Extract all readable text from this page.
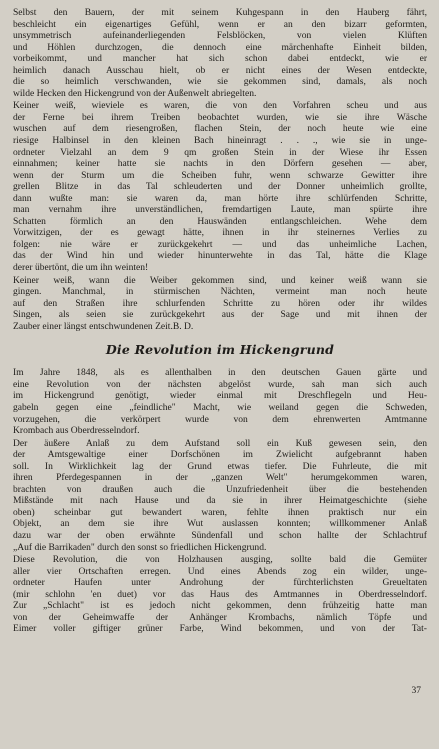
Selbst den Bauern, der mit seinem Kuhgespann in den Hauberg fährt,
beschleicht ein eigenartiges Gefühl, wenn er an den bizarr geformten,
unsymmetrisch aufeinanderliegenden Felsblöcken, von vielen Klüften
und Höhlen durchzogen, die dennoch eine märchenhafte Einheit bilden,
vorbeikommt, und mancher hat sich schon dabei entdeckt, wie er
heimlich danach Ausschau hielt, ob er nicht eines der Wesen entdeckte,
die so heimlich verschwanden, wie sie gekommen sind, damals, als noch
wilde Hecken den Hickengrund von der Außenwelt abriegelten.

Keiner weiß, wieviele es waren, die von den Vorfahren scheu und aus
der Ferne bei ihrem Treiben beobachtet wurden, wie sie ihre Wäsche
wuschen auf dem riesengroßen, flachen Stein, der noch heute wie eine
riesige Halbinsel in den kleinen Bach hineinragt . . ., wie sie in unge-
ordneter Vielzahl an dem 9 qm großen Stein in der Wiese ihr Essen
einnahmen; keiner hatte sie nachts in den Dörfern gesehen — aber,
wenn der Sturm um die Scheiben fuhr, wenn schwarze Gewitter ihre
grellen Blitze in das Tal schleuderten und der Donner unheimlich grollte,
dann wußte man: sie waren da, man hörte ihre schlürfenden Schritte,
man vernahm ihre unverständlichen, fremdartigen Laute, man spürte ihre
Schatten förmlich an den Hauswänden entlangschleichen. Wehe dem
Vorwitzigen, der es gewagt hätte, ihnen in ihr steinernes Verlies zu
folgen: nie wäre er zurückgekehrt — und das unheimliche Lachen,
das der Wind hin und wieder hinunterwehte in das Tal, hätte die Klage
derer übertönt, die um ihn weinten!

Keiner weiß, wann die Weiber gekommen sind, und keiner weiß wann sie
gingen. Manchmal, in stürmischen Nächten, vermeint man noch heute
auf den Straßen ihre schlurfenden Schritte zu hören oder ihr wildes
Singen, als seien sie zurückgekehrt aus der Sage und mit ihnen der
Zauber einer längst entschwundenen Zeit.B. D.

Die Revolution im Hickengrund

Im Jahre 1848, als es allenthalben in den deutschen Gauen gärte und
eine Revolution von der nächsten abgelöst wurde, sah man sich auch
im Hickengrund genötigt, wieder einmal mit Dreschflegeln und Heu-
gabeln gegen eine „feindliche" Macht, wie weiland gegen die Schweden,
vorzugehen, die verkörpert wurde von dem ehrenwerten Amtmanne
Krombach aus Oberdresselndorf.

Der äußere Anlaß zu dem Aufstand soll ein Kuß gewesen sein, den
der Amtsgewaltige einer Dorfschönen im Zwielicht aufgebrannt haben
soll. In Wirklichkeit lag der Grund etwas tiefer. Die Fuhrleute, die mit
ihren Pferdegespannen in der „ganzen Welt" herumgekommen waren,
brachten von draußen auch die Unzufriedenheit über die bestehenden
Mißstände mit nach Hause und da sie in ihrer Heimatgeschichte (siehe
oben) scheinbar gut bewandert waren, fehlte ihnen praktisch nur ein
Objekt, an dem sie ihre Wut auslassen konnten; willkommener Anlaß
dazu war der oben erwähnte Sündenfall und schon hallte der Schlachtruf
„Auf die Barrikaden" durch den sonst so friedlichen Hickengrund.

Diese Revolution, die von Holzhausen ausging, sollte bald die Gemüter
aller vier Ortschaften erregen. Und eines Abends zog ein wilder, unge-
ordneter Haufen unter Androhung der fürchterlichsten Greueltaten
(mir schlohn 'en duet) vor das Haus des Amtmannes in Oberdresselndorf.
Zur „Schlacht" ist es jedoch nicht gekommen, denn frühzeitig hatte man
von der Geheimwaffe der Anhänger Krombachs, nämlich Töpfe und
Eimer voller giftiger grüner Farbe, Wind bekommen, und von der Tat-

37
